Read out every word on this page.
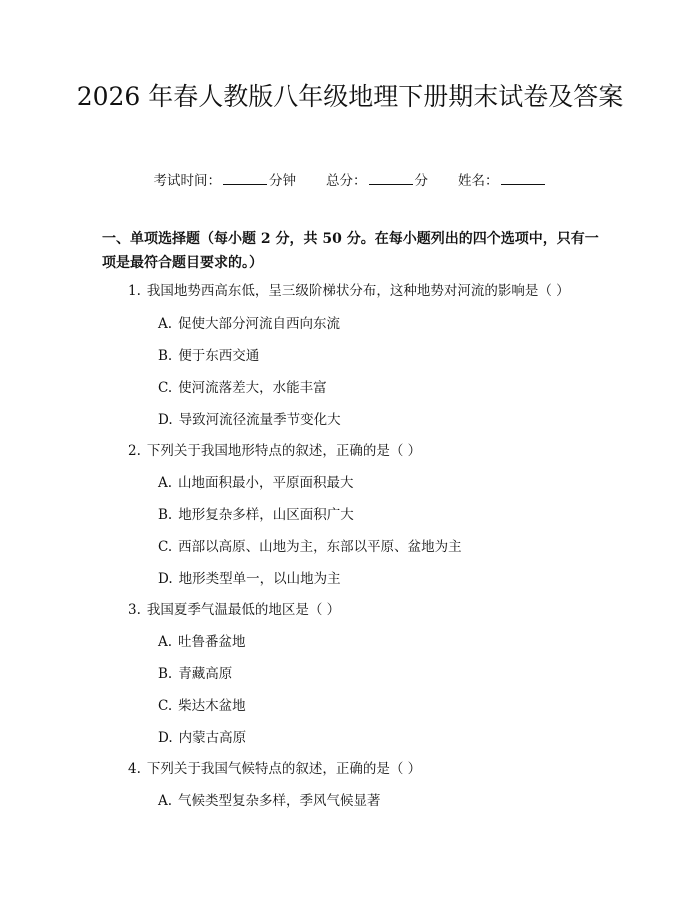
2026 年春人教版八年级地理下册期末试卷及答案
考试时间：	分钟 总分：	分 姓名：

一、单项选择题（每小题 2 分，共 50 分。在每小题列出的四个选项中，只有一项是最符合题目要求的。）

1. 我国地势西高东低，呈三级阶梯状分布，这种地势对河流的影响是（ ）
A. 促使大部分河流自西向东流
B. 便于东西交通
C. 使河流落差大，水能丰富
D. 导致河流径流量季节变化大
2. 下列关于我国地形特点的叙述，正确的是（ ）
A. 山地面积最小，平原面积最大
B. 地形复杂多样，山区面积广大
C. 西部以高原、山地为主，东部以平原、盆地为主
D. 地形类型单一，以山地为主
3. 我国夏季气温最低的地区是（ ）
A. 吐鲁番盆地
B. 青藏高原
C. 柴达木盆地
D. 内蒙古高原
4. 下列关于我国气候特点的叙述，正确的是（ ）
A. 气候类型复杂多样，季风气候显著
